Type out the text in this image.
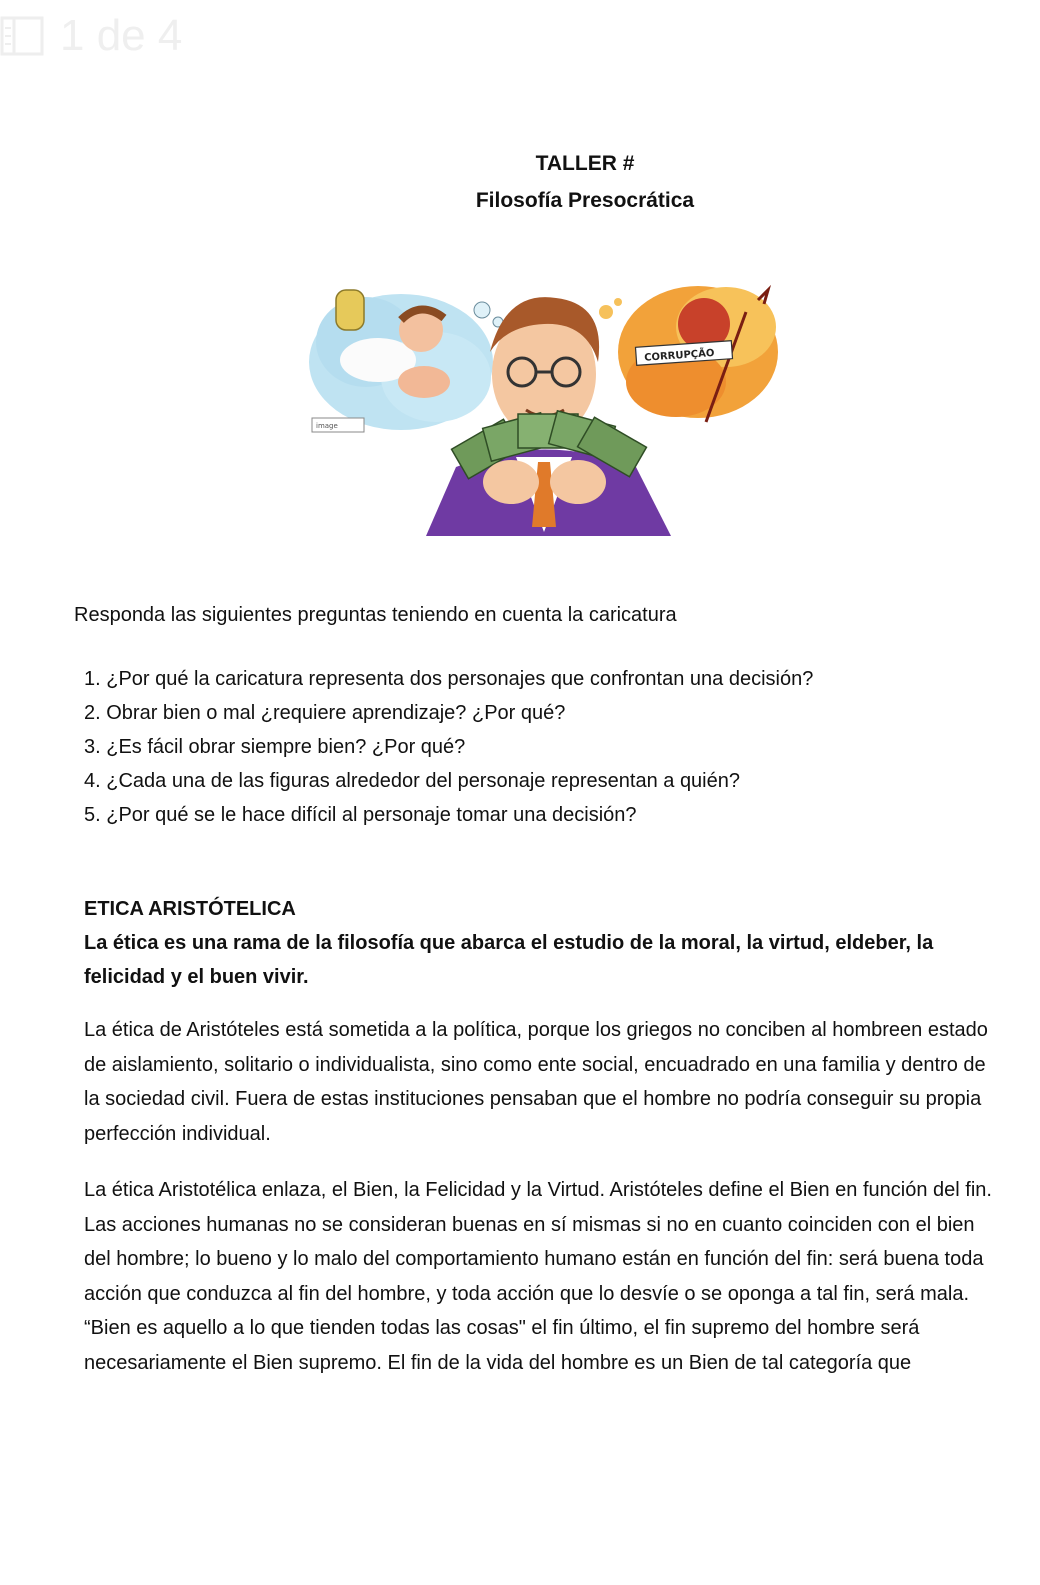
1 de 4
TALLER #
Filosofía Presocrática
image
CORRUPÇÃO

Responda las siguientes preguntas teniendo en cuenta la caricatura

1. ¿Por qué la caricatura representa dos personajes que confrontan una decisión?
2. Obrar bien o mal ¿requiere aprendizaje? ¿Por qué?
3. ¿Es fácil obrar siempre bien? ¿Por qué?
4. ¿Cada una de las figuras alrededor del personaje representan a quién?
5. ¿Por qué se le hace difícil al personaje tomar una decisión?
ETICA ARISTÓTELICA

La ética es una rama de la filosofía que abarca el estudio de la moral, la virtud, eldeber, la felicidad y el buen vivir.

La ética de Aristóteles está sometida a la política, porque los griegos no conciben al hombreen estado de aislamiento, solitario o individualista, sino como ente social, encuadrado en una familia y dentro de la sociedad civil. Fuera de estas instituciones pensaban que el hombre no podría conseguir su propia perfección individual.

La ética Aristotélica enlaza, el Bien, la Felicidad y la Virtud. Aristóteles define el Bien en función del fin. Las acciones humanas no se consideran buenas en sí mismas si no en cuanto coinciden con el bien del hombre; lo bueno y lo malo del comportamiento humano están en función del fin: será buena toda acción que conduzca al fin del hombre, y toda acción que lo desvíe o se oponga a tal fin, será mala. “Bien es aquello a lo que tienden todas las cosas" el fin último, el fin supremo del hombre será necesariamente el Bien supremo. El fin de la vida del hombre es un Bien de tal categoría que
